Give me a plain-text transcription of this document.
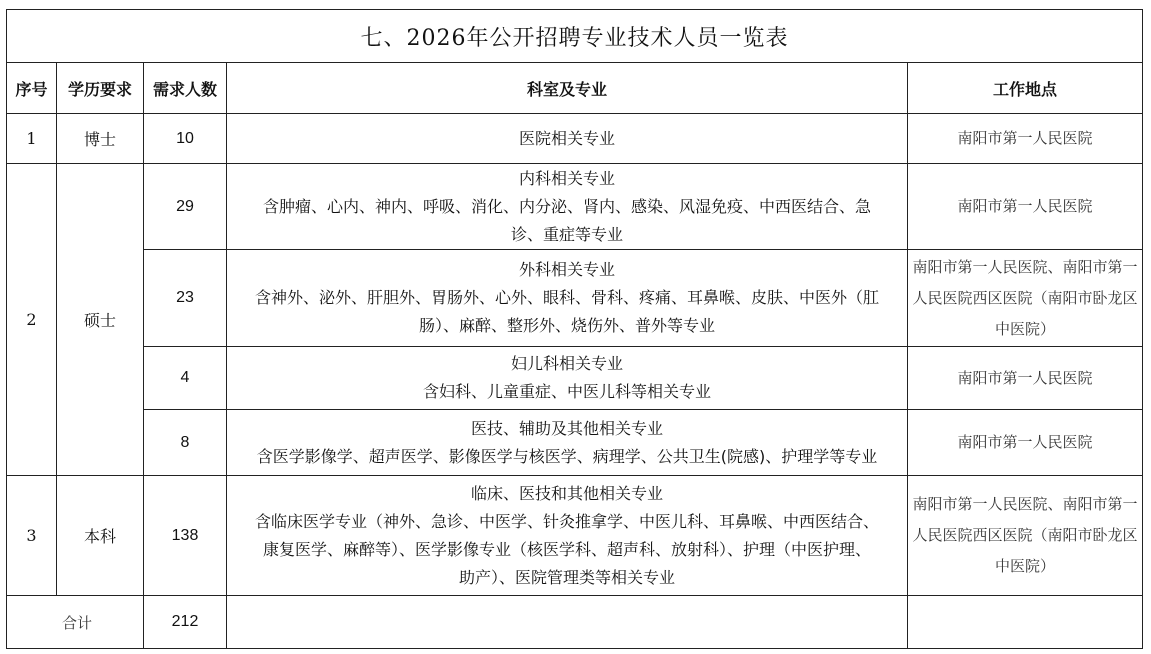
七、2026年公开招聘专业技术人员一览表				
序号	学历要求	需求人数	科室及专业	工作地点
1	博士	10	医院相关专业	南阳市第一人民医院
2	硕士	29	内科相关专业
含肿瘤、心内、神内、呼吸、消化、内分泌、肾内、感染、风湿免疫、中西医结合、急
诊、重症等专业	南阳市第一人民医院
		23	外科相关专业
含神外、泌外、肝胆外、胃肠外、心外、眼科、骨科、疼痛、耳鼻喉、皮肤、中医外（肛
肠）、麻醉、整形外、烧伤外、普外等专业	南阳市第一人民医院、南阳市第一人民医院西区医院（南阳市卧龙区中医院）
		4	妇儿科相关专业
含妇科、儿童重症、中医儿科等相关专业	南阳市第一人民医院
		8	医技、辅助及其他相关专业
含医学影像学、超声医学、影像医学与核医学、病理学、公共卫生(院感)、护理学等专业	南阳市第一人民医院
3	本科	138	临床、医技和其他相关专业
含临床医学专业（神外、急诊、中医学、针灸推拿学、中医儿科、耳鼻喉、中西医结合、
康复医学、麻醉等）、医学影像专业（核医学科、超声科、放射科）、护理（中医护理、
助产）、医院管理类等相关专业	南阳市第一人民医院、南阳市第一人民医院西区医院（南阳市卧龙区中医院）
合计		212		
